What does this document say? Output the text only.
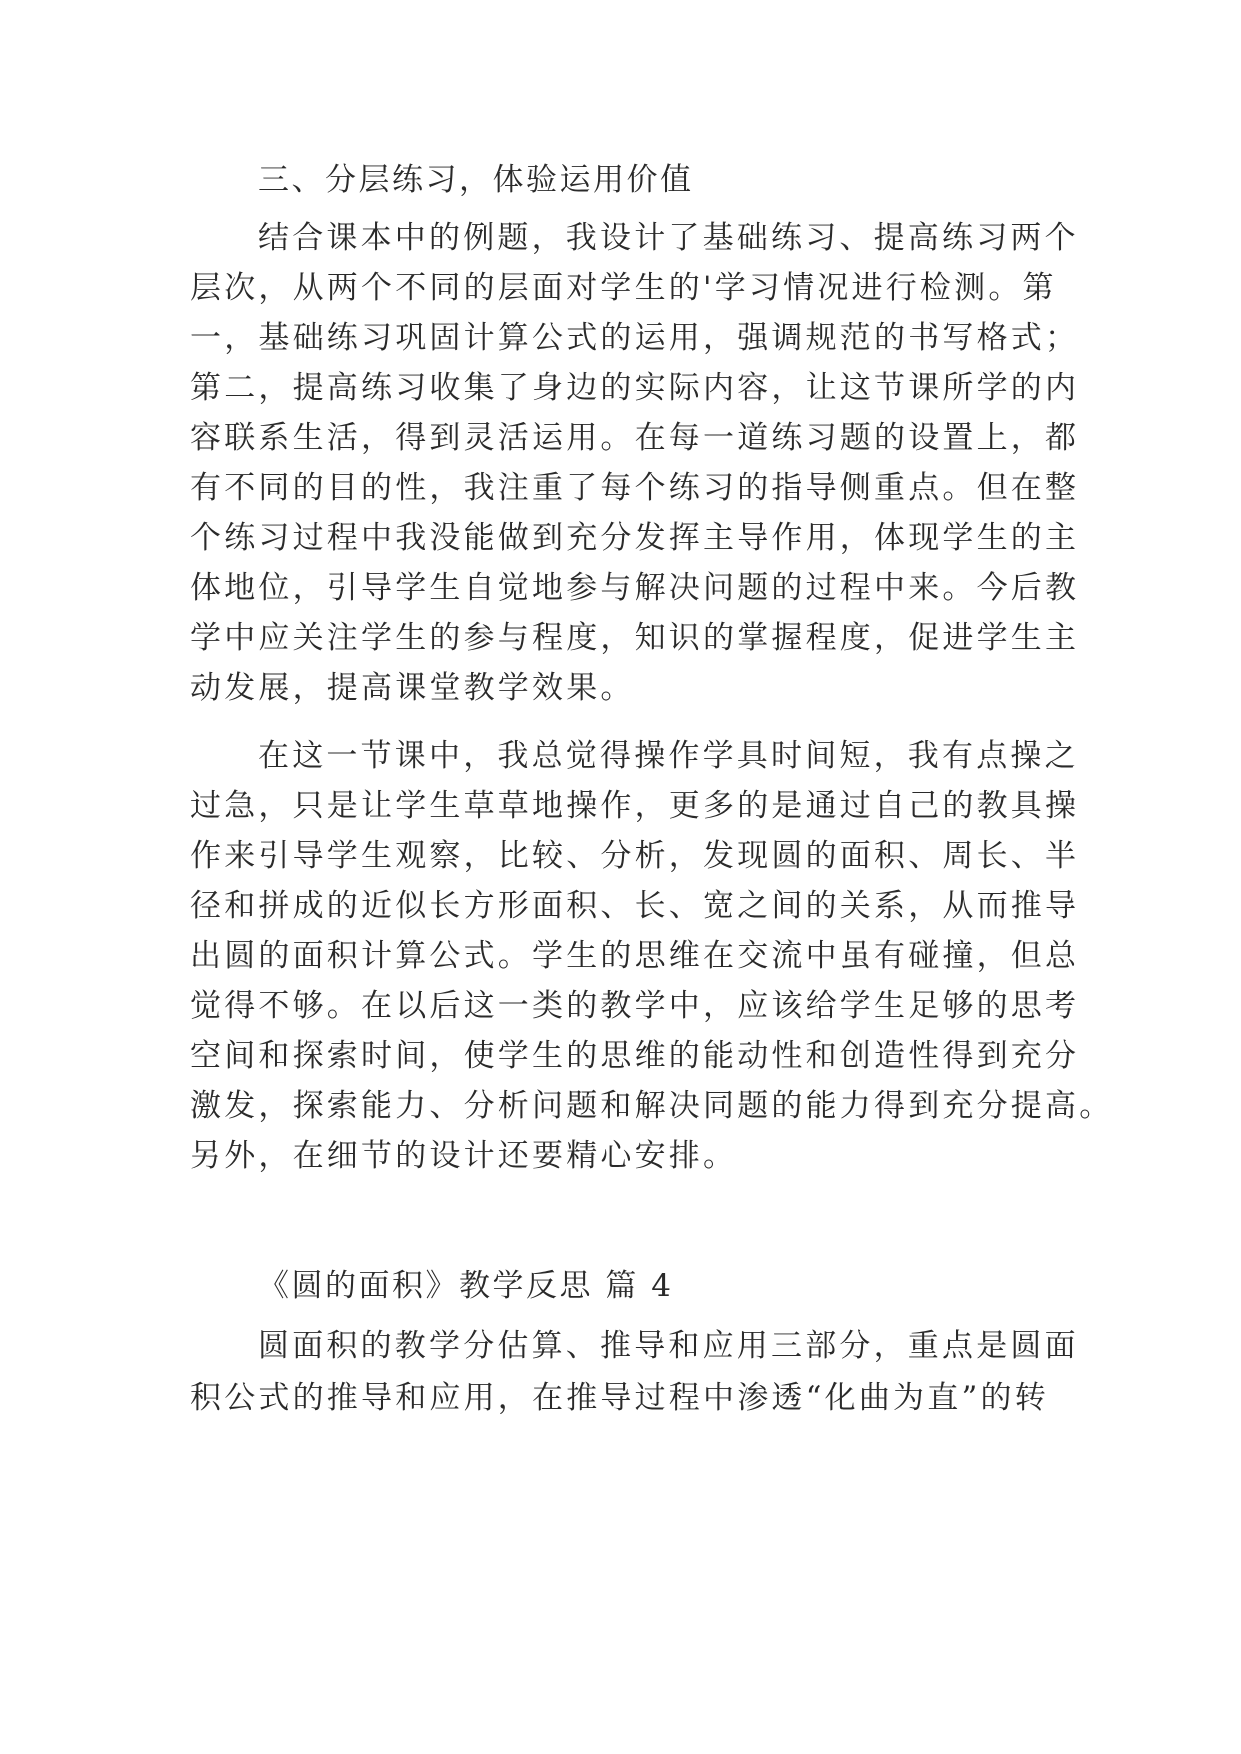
三、分层练习，体验运用价值
结合课本中的例题，我设计了基础练习、提高练习两个
层次，从两个不同的层面对学生的'学习情况进行检测。第
一，基础练习巩固计算公式的运用，强调规范的书写格式；
第二，提高练习收集了身边的实际内容，让这节课所学的内
容联系生活，得到灵活运用。在每一道练习题的设置上，都
有不同的目的性，我注重了每个练习的指导侧重点。但在整
个练习过程中我没能做到充分发挥主导作用，体现学生的主
体地位，引导学生自觉地参与解决问题的过程中来。今后教
学中应关注学生的参与程度，知识的掌握程度，促进学生主
动发展，提高课堂教学效果。
在这一节课中，我总觉得操作学具时间短，我有点操之
过急，只是让学生草草地操作，更多的是通过自己的教具操
作来引导学生观察，比较、分析，发现圆的面积、周长、半
径和拼成的近似长方形面积、长、宽之间的关系，从而推导
出圆的面积计算公式。学生的思维在交流中虽有碰撞，但总
觉得不够。在以后这一类的教学中，应该给学生足够的思考
空间和探索时间，使学生的思维的能动性和创造性得到充分
激发，探索能力、分析问题和解决同题的能力得到充分提高。
另外，在细节的设计还要精心安排。
《圆的面积》教学反思 篇 4
圆面积的教学分估算、推导和应用三部分，重点是圆面
积公式的推导和应用，在推导过程中渗透“化曲为直”的转
